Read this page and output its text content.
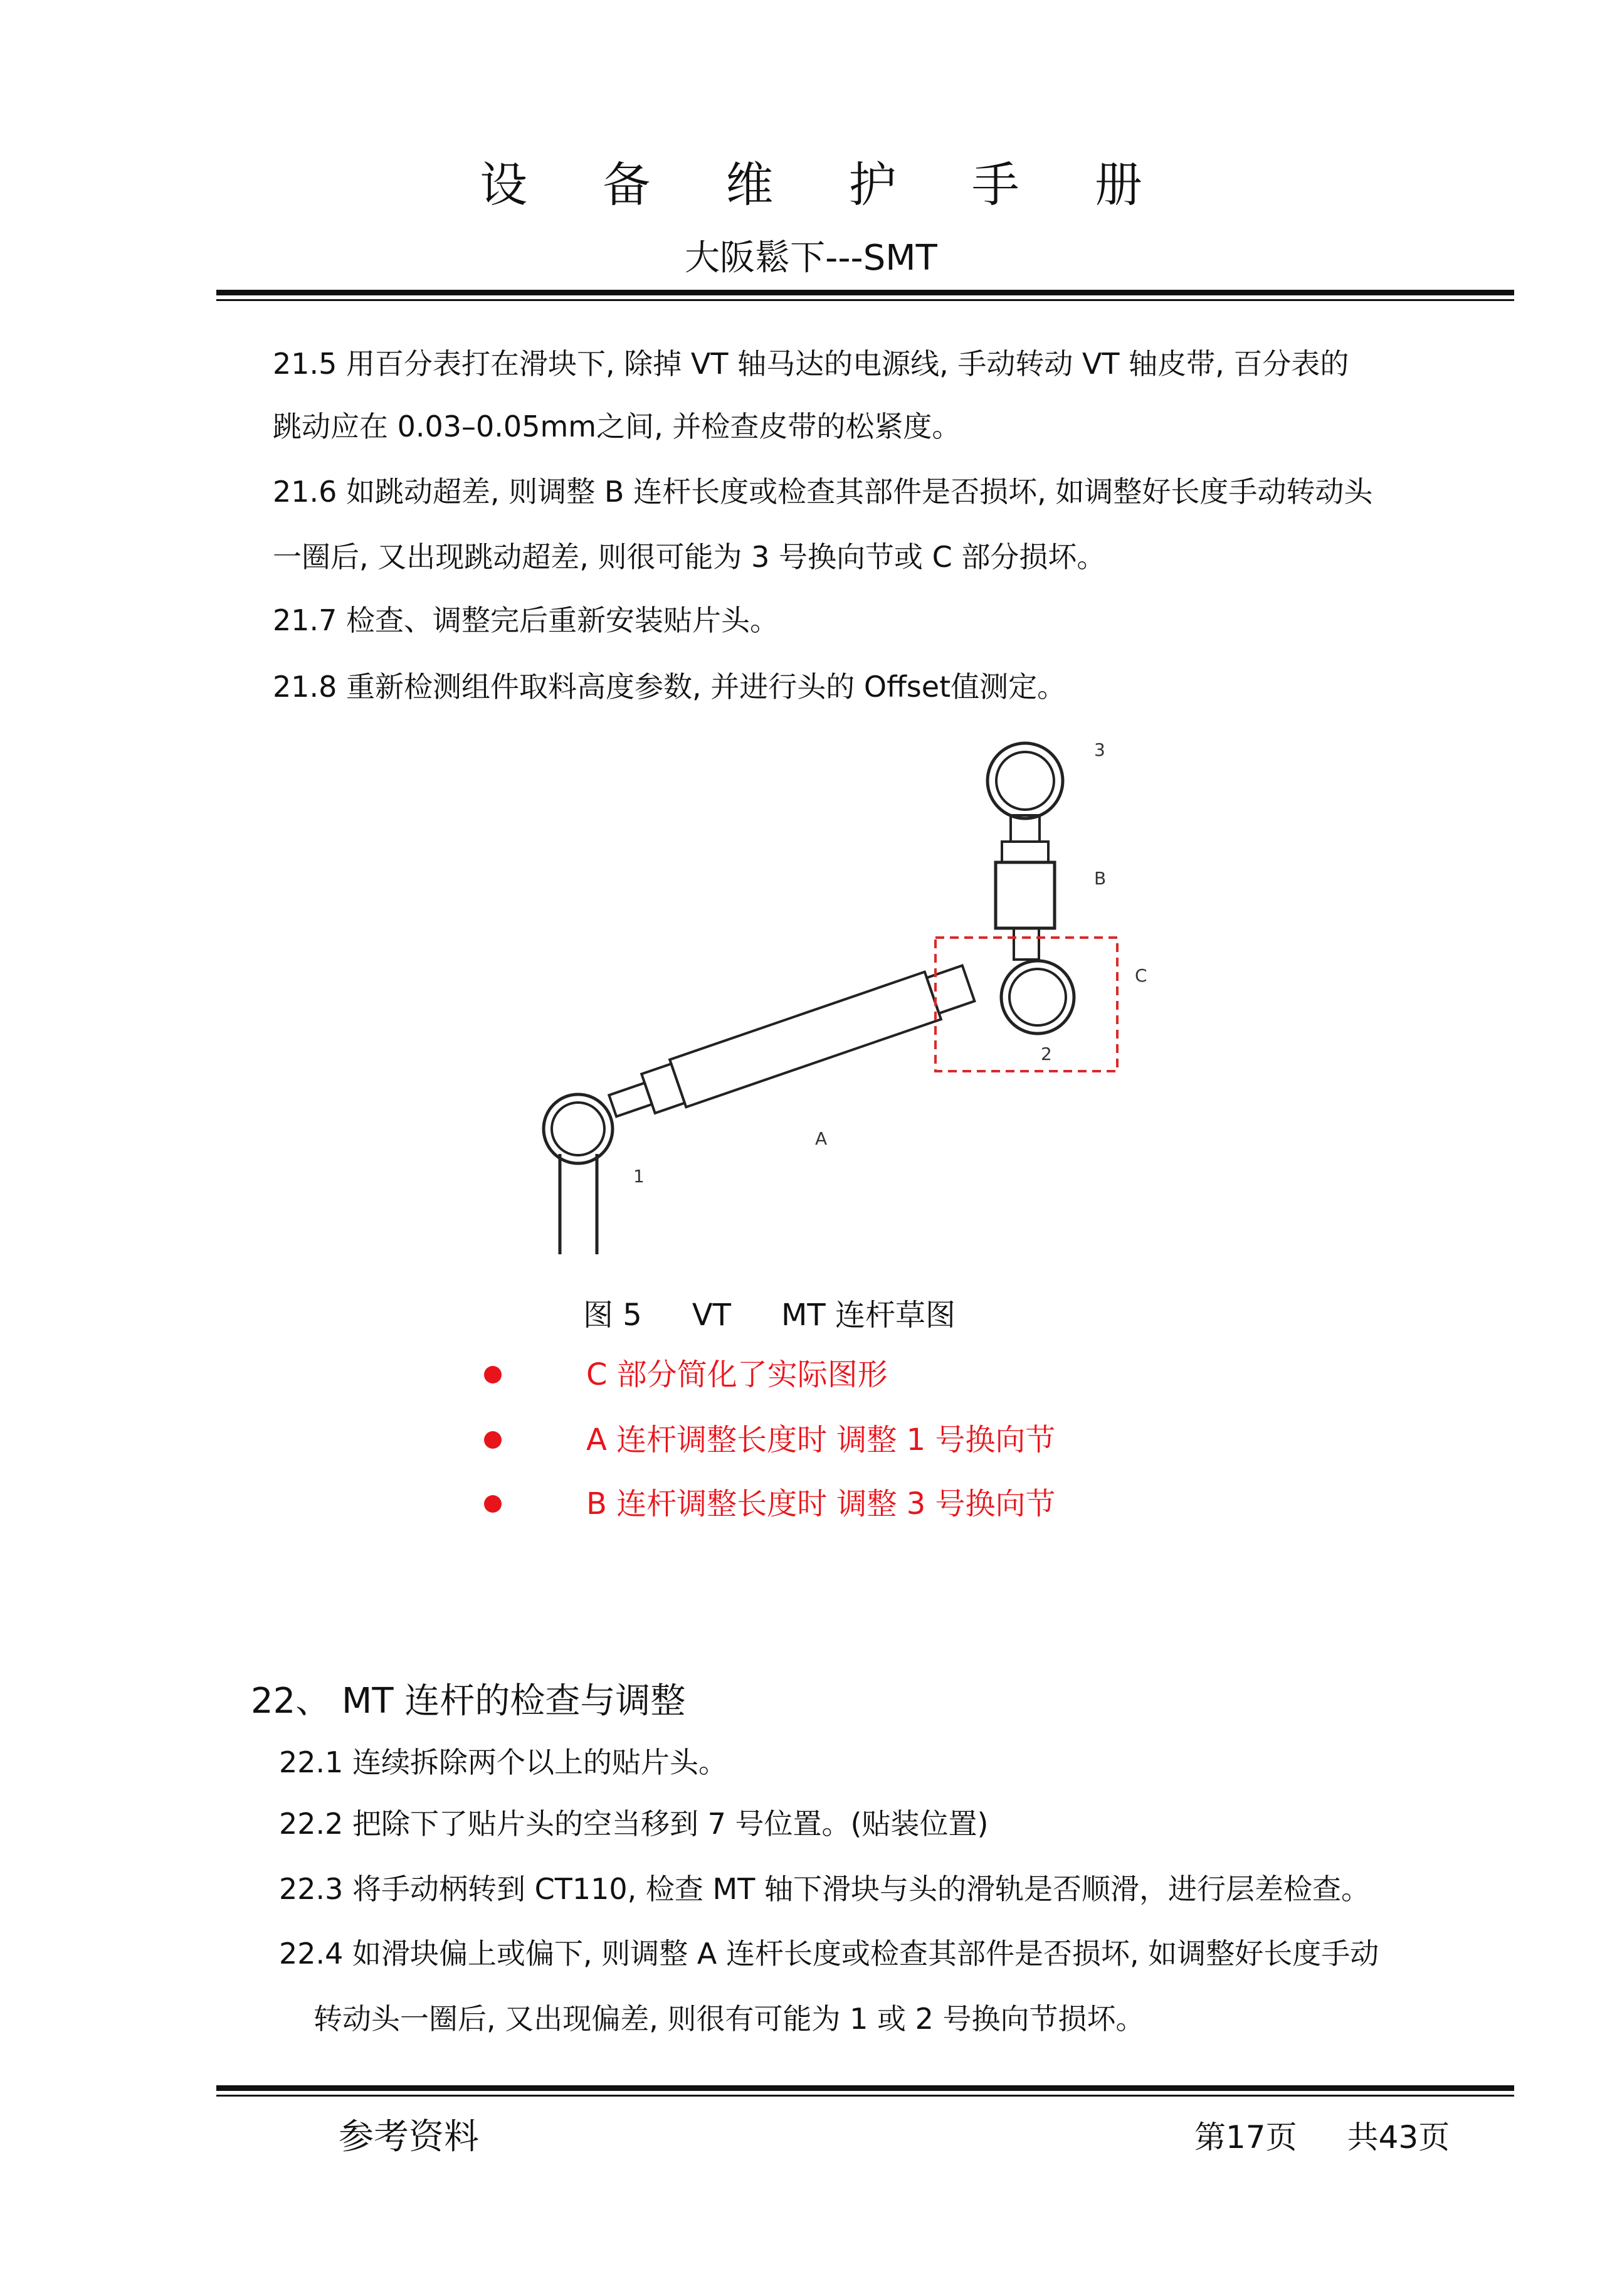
设 备 维 护 手 册
大阪鬆下---SMT
21.5 用百分表打在滑块下, 除掉 VT 轴马达的电源线, 手动转动 VT 轴皮带, 百分表的
跳动应在 0.03–0.05mm之间, 并检查皮带的松紧度。
21.6 如跳动超差, 则调整 B 连杆长度或检查其部件是否损坏, 如调整好长度手动转动头
一圈后, 又出现跳动超差, 则很可能为 3 号换向节或 C 部分损坏。
21.7 检查、调整完后重新安装贴片头。
21.8 重新检测组件取料高度参数, 并进行头的 Offset值测定。
1
2
3
A
B
C
图 5 VT MT 连杆草图
C 部分简化了实际图形
A 连杆调整长度时 调整 1 号换向节
B 连杆调整长度时 调整 3 号换向节
22、 MT 连杆的检查与调整
22.1 连续拆除两个以上的贴片头。
22.2 把除下了贴片头的空当移到 7 号位置。(贴装位置)
22.3 将手动柄转到 CT110, 检查 MT 轴下滑块与头的滑轨是否顺滑，进行层差检查。
22.4 如滑块偏上或偏下, 则调整 A 连杆长度或检查其部件是否损坏, 如调整好长度手动
转动头一圈后, 又出现偏差, 则很有可能为 1 或 2 号换向节损坏。
参考资料	第17页 共43页
